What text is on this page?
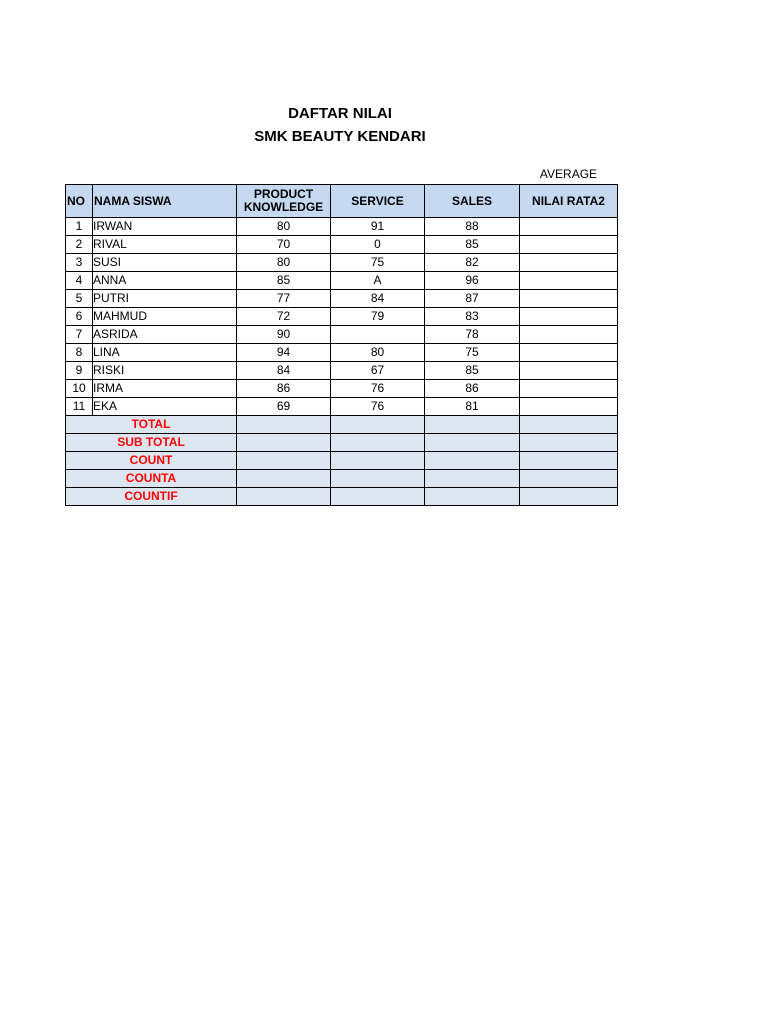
DAFTAR NILAI
SMK BEAUTY KENDARI
AVERAGE
NO	NAMA SISWA	PRODUCT
KNOWLEDGE	SERVICE	SALES	NILAI RATA2
1	IRWAN	80	91	88	
2	RIVAL	70	0	85	
3	SUSI	80	75	82	
4	ANNA	85	A	96	
5	PUTRI	77	84	87	
6	MAHMUD	72	79	83	
7	ASRIDA	90		78	
8	LINA	94	80	75	
9	RISKI	84	67	85	
10	IRMA	86	76	86	
11	EKA	69	76	81	
TOTAL					
SUB TOTAL					
COUNT					
COUNTA					
COUNTIF					
